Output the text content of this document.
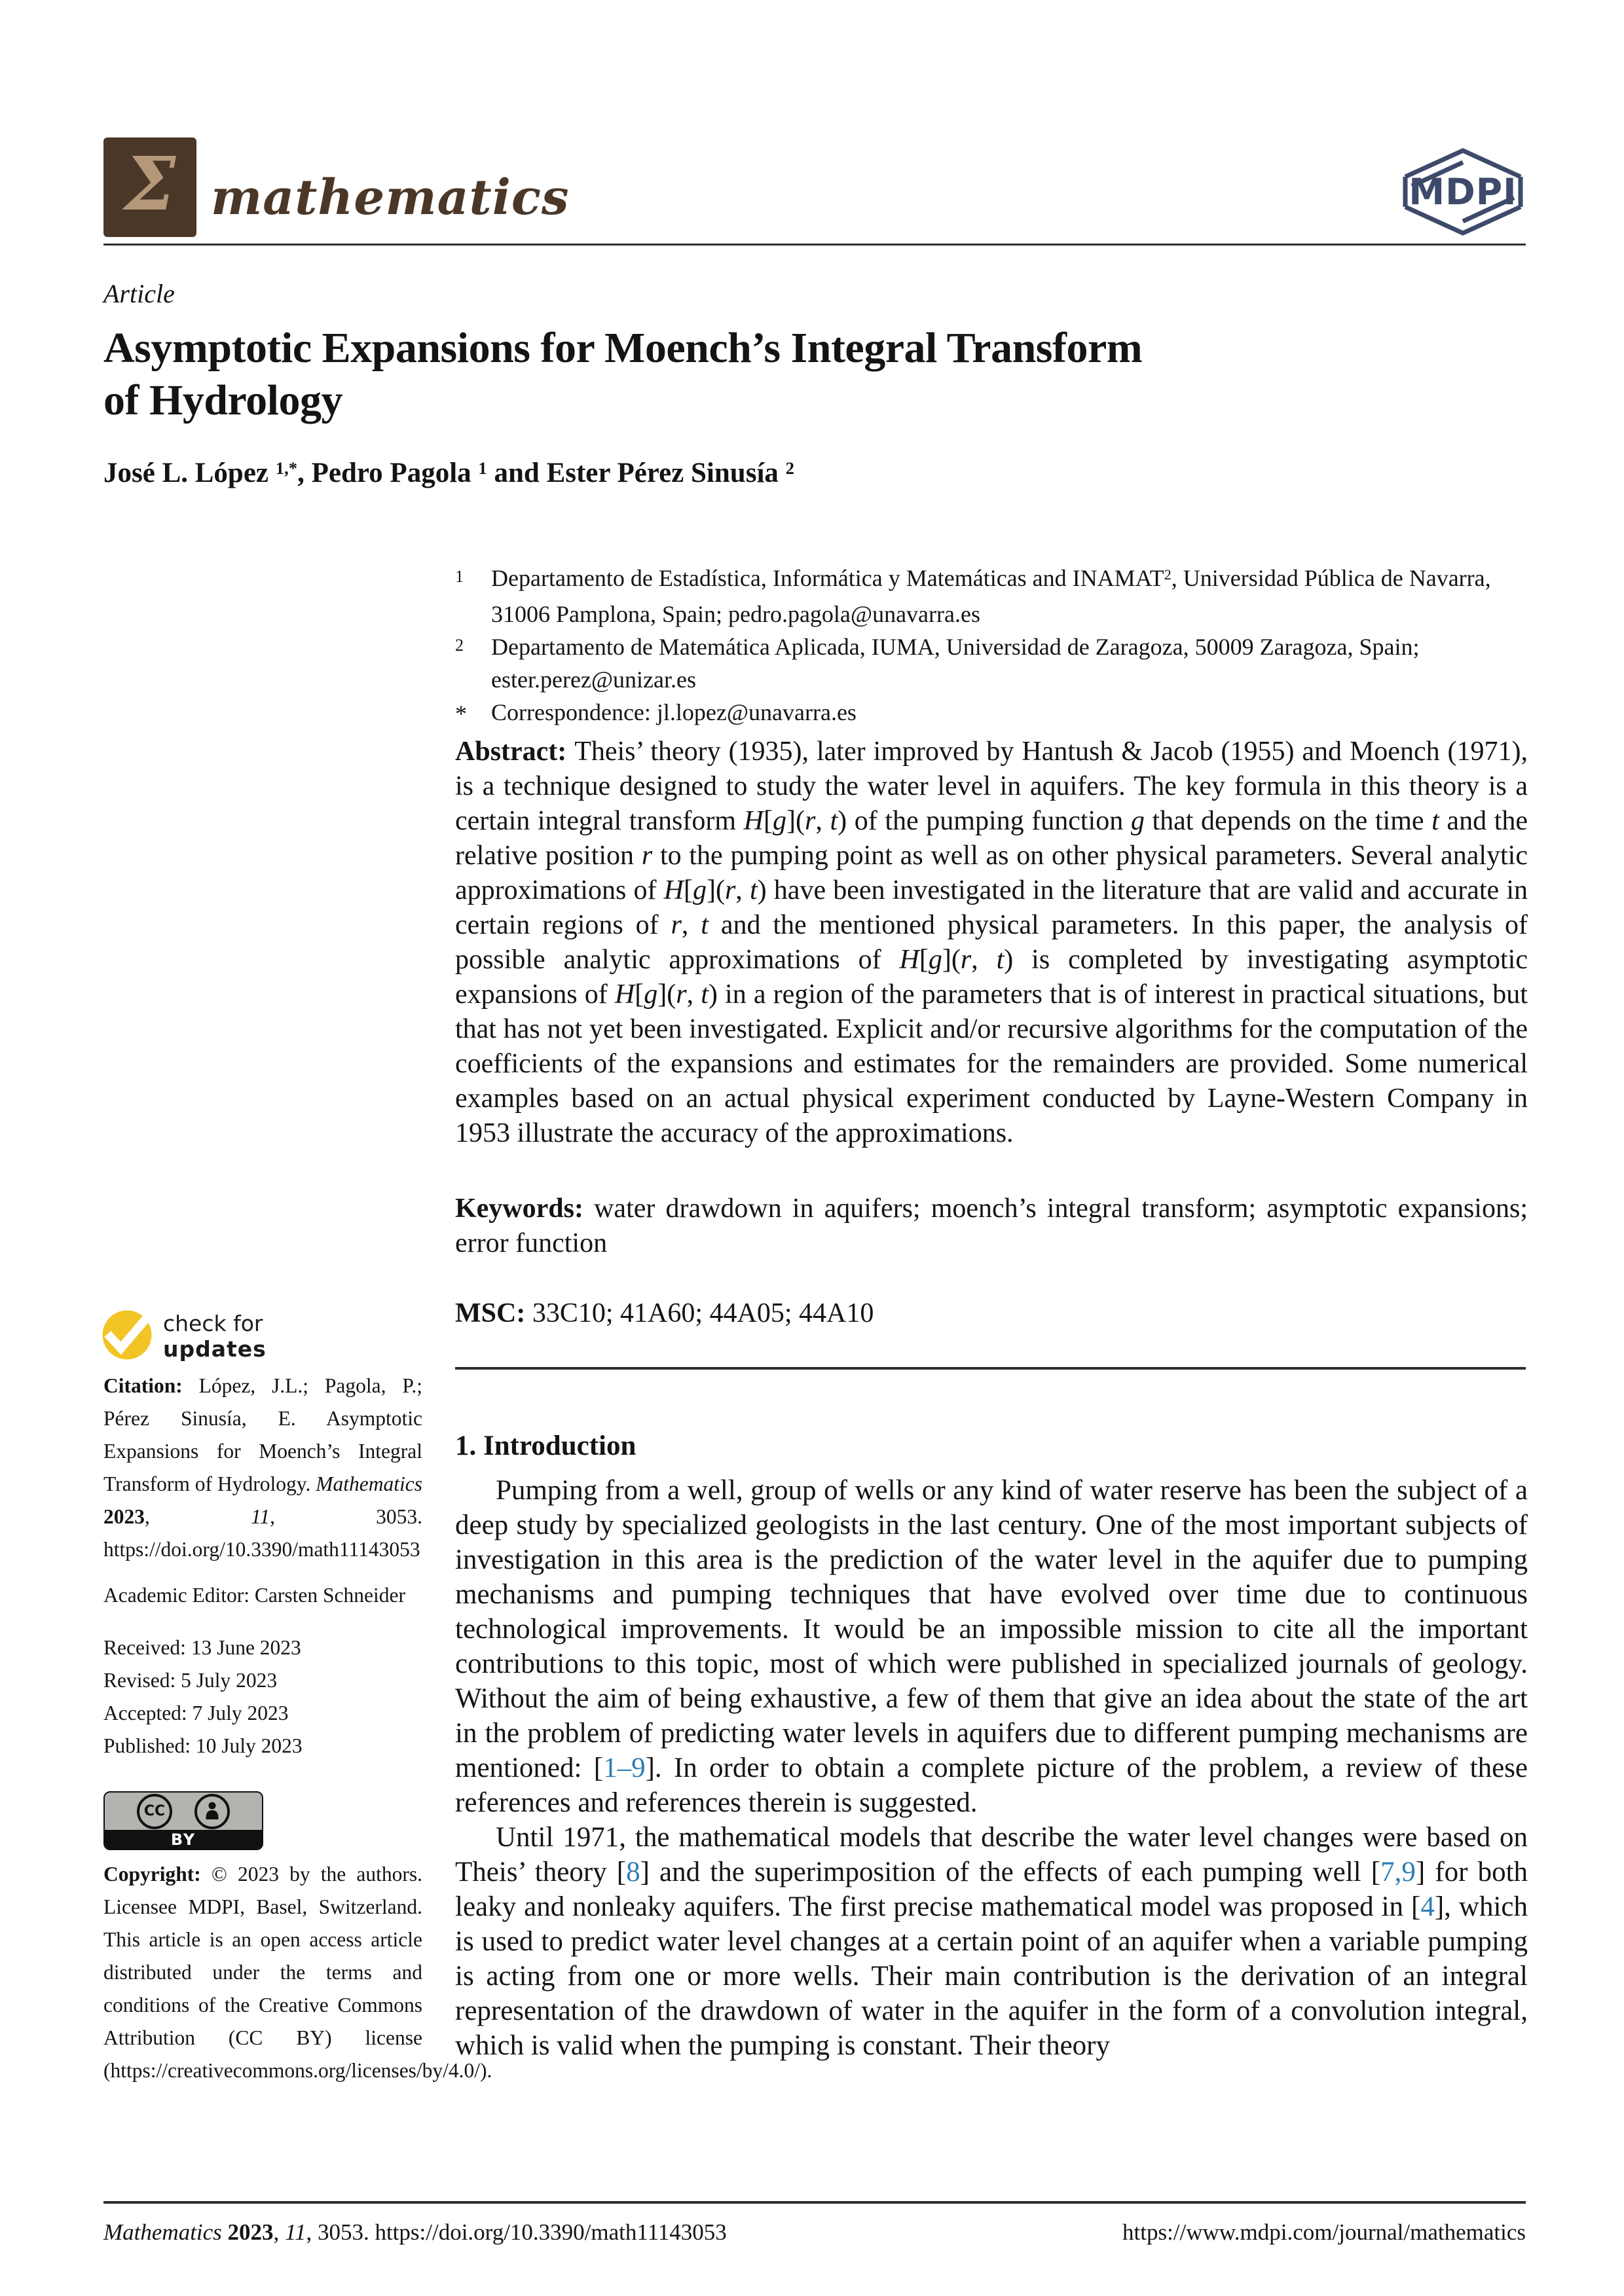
Σ mathematics	MDPI
Article
Asymptotic Expansions for Moench’s Integral Transform
of Hydrology
José L. López $^{1,*}$, Pedro Pagola $^1$ and Ester Pérez Sinusía $^2$
1	Departamento de Estadística, Informática y Matemáticas and INAMAT$^2$, Universidad Pública de Navarra, 31006 Pamplona, Spain; pedro.pagola@unavarra.es
2	Departamento de Matemática Aplicada, IUMA, Universidad de Zaragoza, 50009 Zaragoza, Spain; ester.perez@unizar.es
*	Correspondence: jl.lopez@unavarra.es
Abstract: Theis’ theory (1935), later improved by Hantush & Jacob (1955) and Moench (1971), is a technique designed to study the water level in aquifers. The key formula in this theory is a certain integral transform H[g](r, t) of the pumping function g that depends on the time t and the relative position r to the pumping point as well as on other physical parameters. Several analytic approximations of H[g](r, t) have been investigated in the literature that are valid and accurate in certain regions of r, t and the mentioned physical parameters. In this paper, the analysis of possible analytic approximations of H[g](r, t) is completed by investigating asymptotic expansions of H[g](r, t) in a region of the parameters that is of interest in practical situations, but that has not yet been investigated. Explicit and/or recursive algorithms for the computation of the coefficients of the expansions and estimates for the remainders are provided. Some numerical examples based on an actual physical experiment conducted by Layne-Western Company in 1953 illustrate the accuracy of the approximations.
Keywords: water drawdown in aquifers; moench’s integral transform; asymptotic expansions; error function
MSC: 33C10; 41A60; 44A05; 44A10
check for
updates
Citation: López, J.L.; Pagola, P.; Pérez Sinusía, E. Asymptotic Expansions for Moench’s Integral Transform of Hydrology. Mathematics 2023, 11, 3053. https://doi.org/10.3390/math11143053
Academic Editor: Carsten Schneider
Received: 13 June 2023
Revised: 5 July 2023
Accepted: 7 July 2023
Published: 10 July 2023
CC
BY
Copyright: © 2023 by the authors. Licensee MDPI, Basel, Switzerland. This article is an open access article distributed under the terms and conditions of the Creative Commons Attribution (CC BY) license (https://creativecommons.org/licenses/by/4.0/).
1. Introduction

Pumping from a well, group of wells or any kind of water reserve has been the subject of a deep study by specialized geologists in the last century. One of the most important subjects of investigation in this area is the prediction of the water level in the aquifer due to pumping mechanisms and pumping techniques that have evolved over time due to continuous technological improvements. It would be an impossible mission to cite all the important contributions to this topic, most of which were published in specialized journals of geology. Without the aim of being exhaustive, a few of them that give an idea about the state of the art in the problem of predicting water levels in aquifers due to different pumping mechanisms are mentioned: [1–9]. In order to obtain a complete picture of the problem, a review of these references and references therein is suggested.

Until 1971, the mathematical models that describe the water level changes were based on Theis’ theory [8] and the superimposition of the effects of each pumping well [7,9] for both leaky and nonleaky aquifers. The first precise mathematical model was proposed in [4], which is used to predict water level changes at a certain point of an aquifer when a variable pumping is acting from one or more wells. Their main contribution is the derivation of an integral representation of the drawdown of water in the aquifer in the form of a convolution integral, which is valid when the pumping is constant. Their theory

Mathematics 2023, 11, 3053. https://doi.org/10.3390/math11143053	https://www.mdpi.com/journal/mathematics
